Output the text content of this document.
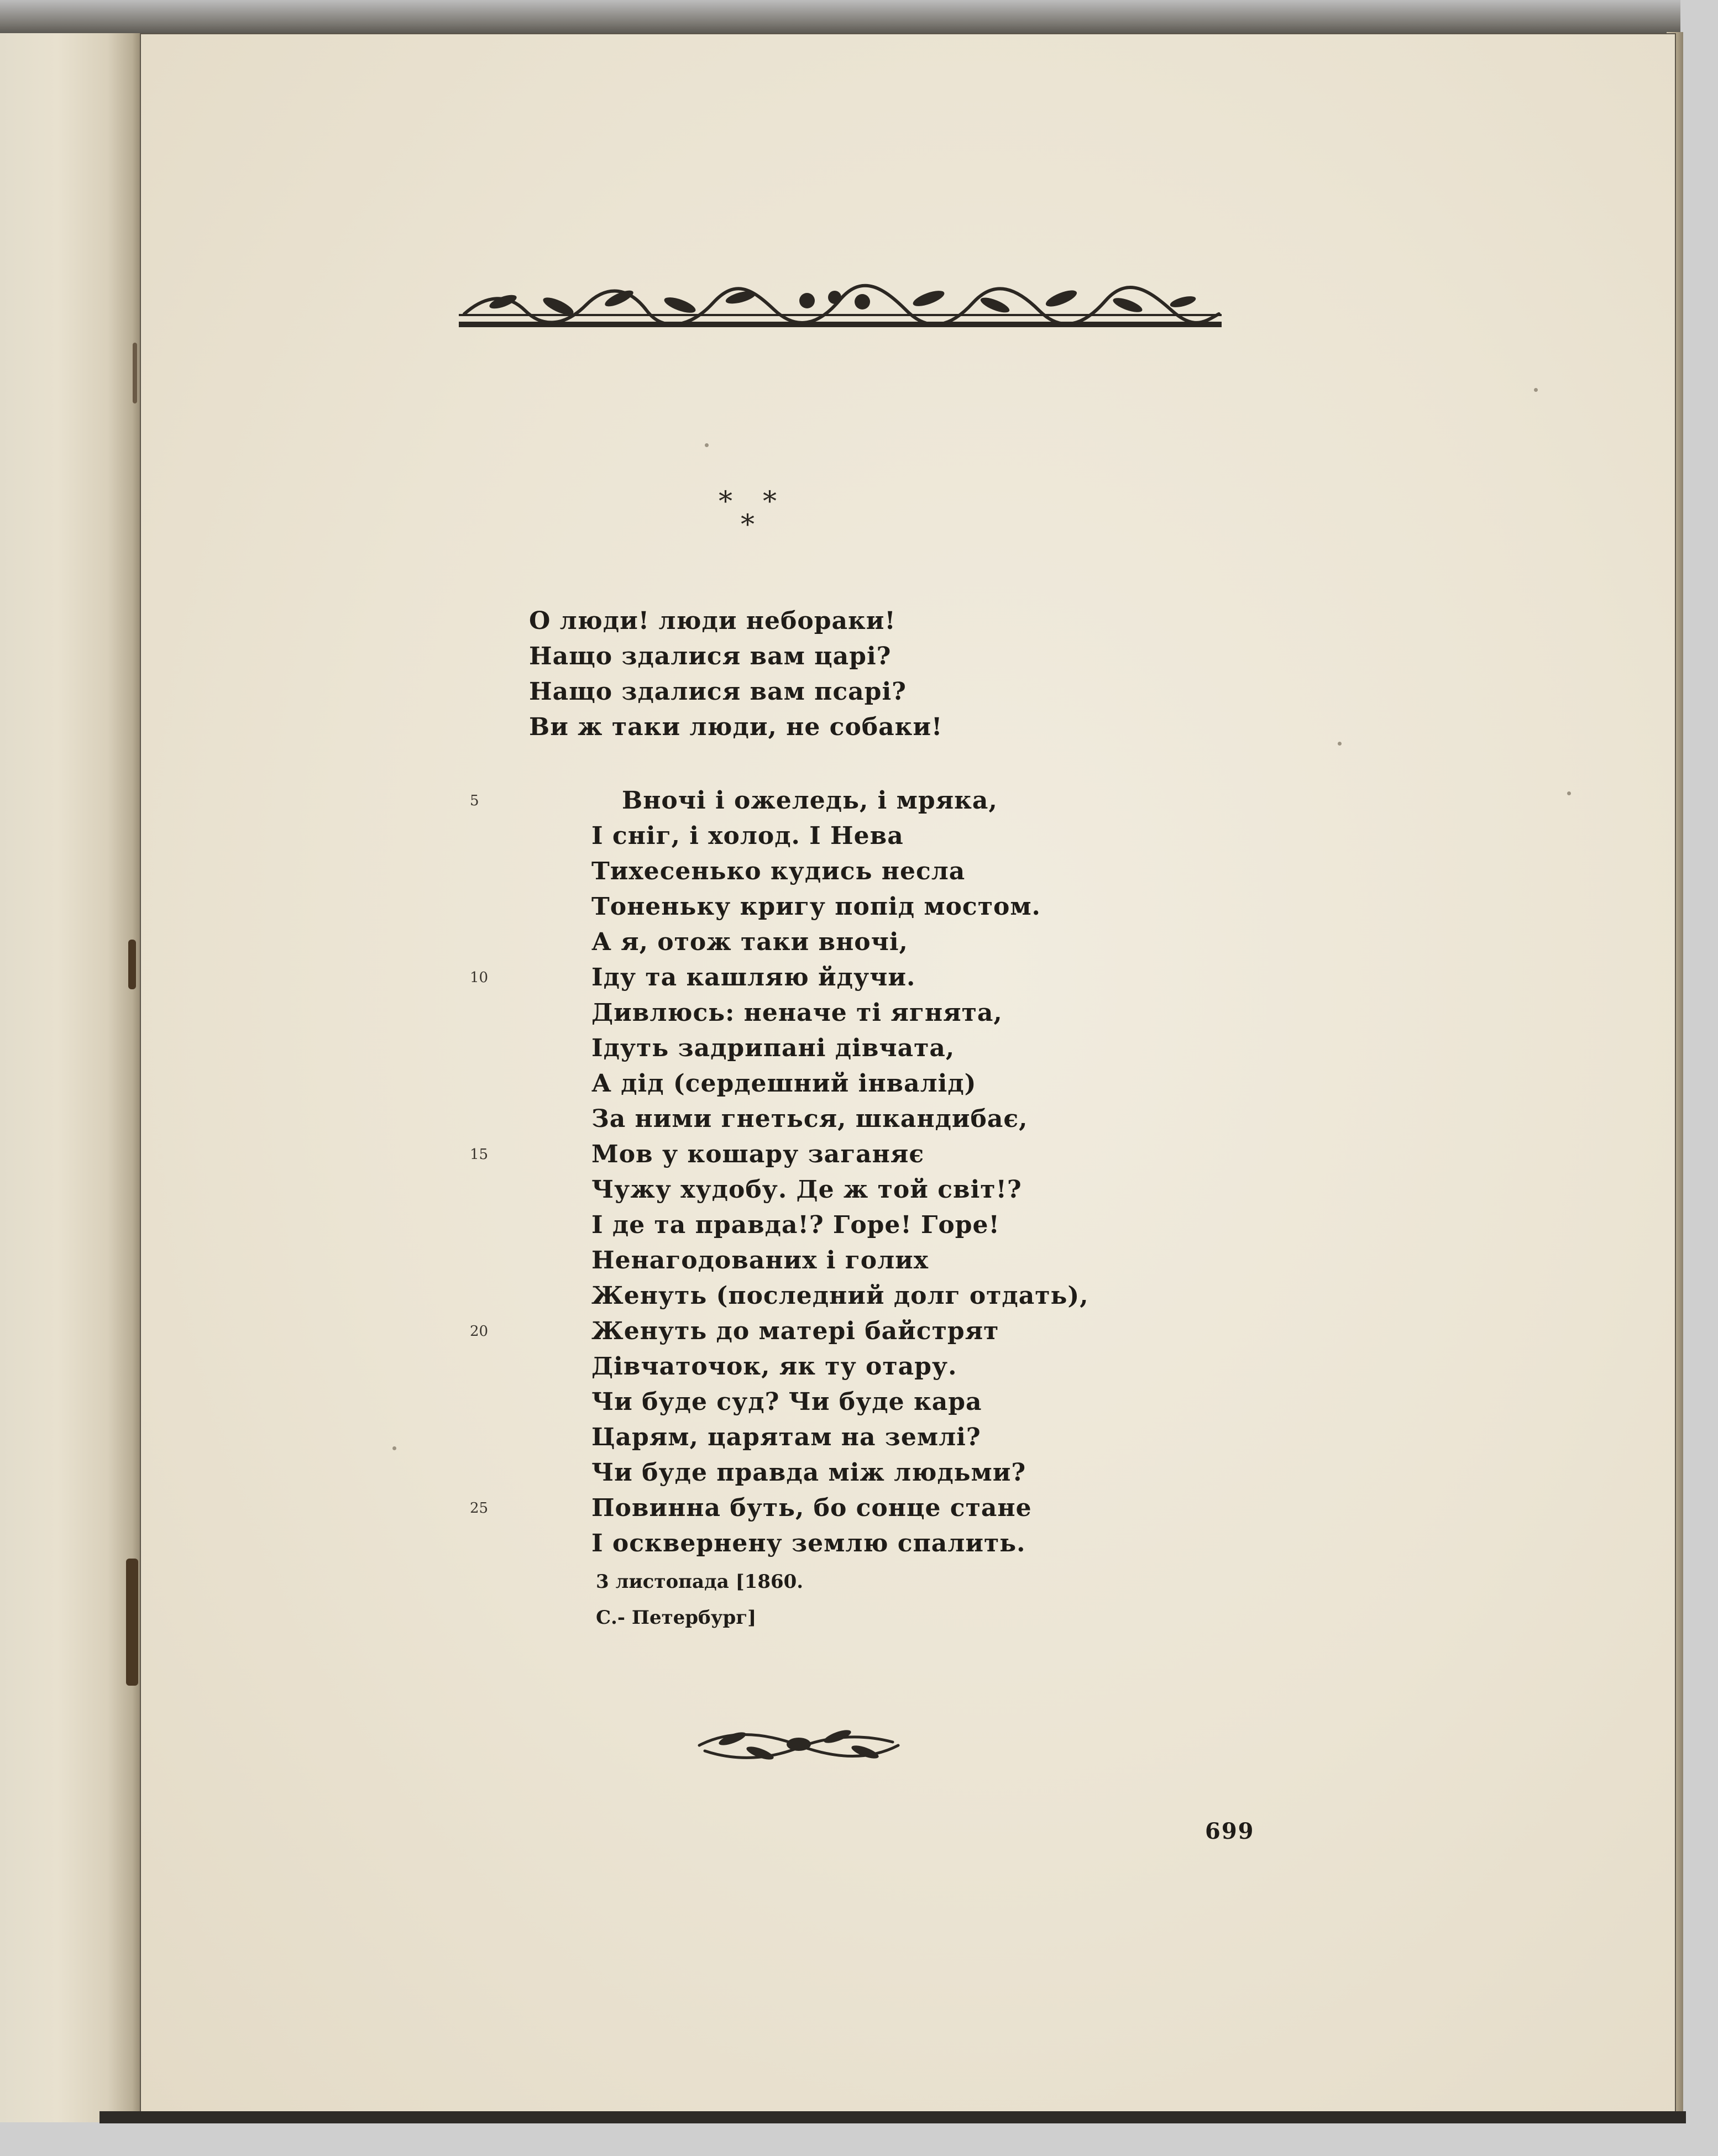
* *
*
О люди! люди небораки!
Нащо здалися вам царі?
Нащо здалися вам псарі?
Ви ж таки люди, не собаки!
Вночі і ожеледь, і мряка,
І сніг, і холод. І Нева
Тихесенько кудись несла
Тоненьку кригу попід мостом.
А я, отож таки вночі,
Іду та кашляю йдучи.
Дивлюсь: неначе ті ягнята,
Ідуть задрипані дівчата,
А дід (сердешний інвалід)
За ними гнеться, шкандибає,
Мов у кошару заганяє
Чужу худобу. Де ж той світ!?
І де та правда!? Горе! Горе!
Ненагодованих і голих
Женуть (последний долг отдать),
Женуть до матері байстрят
Дівчаточок, як ту отару.
Чи буде суд? Чи буде кара
Царям, царятам на землі?
Чи буде правда між людьми?
Повинна буть, бо сонце стане
І осквернену землю спалить.
5
10
15
20
25
3 листопада [1860.
С.- Петербург]
699
